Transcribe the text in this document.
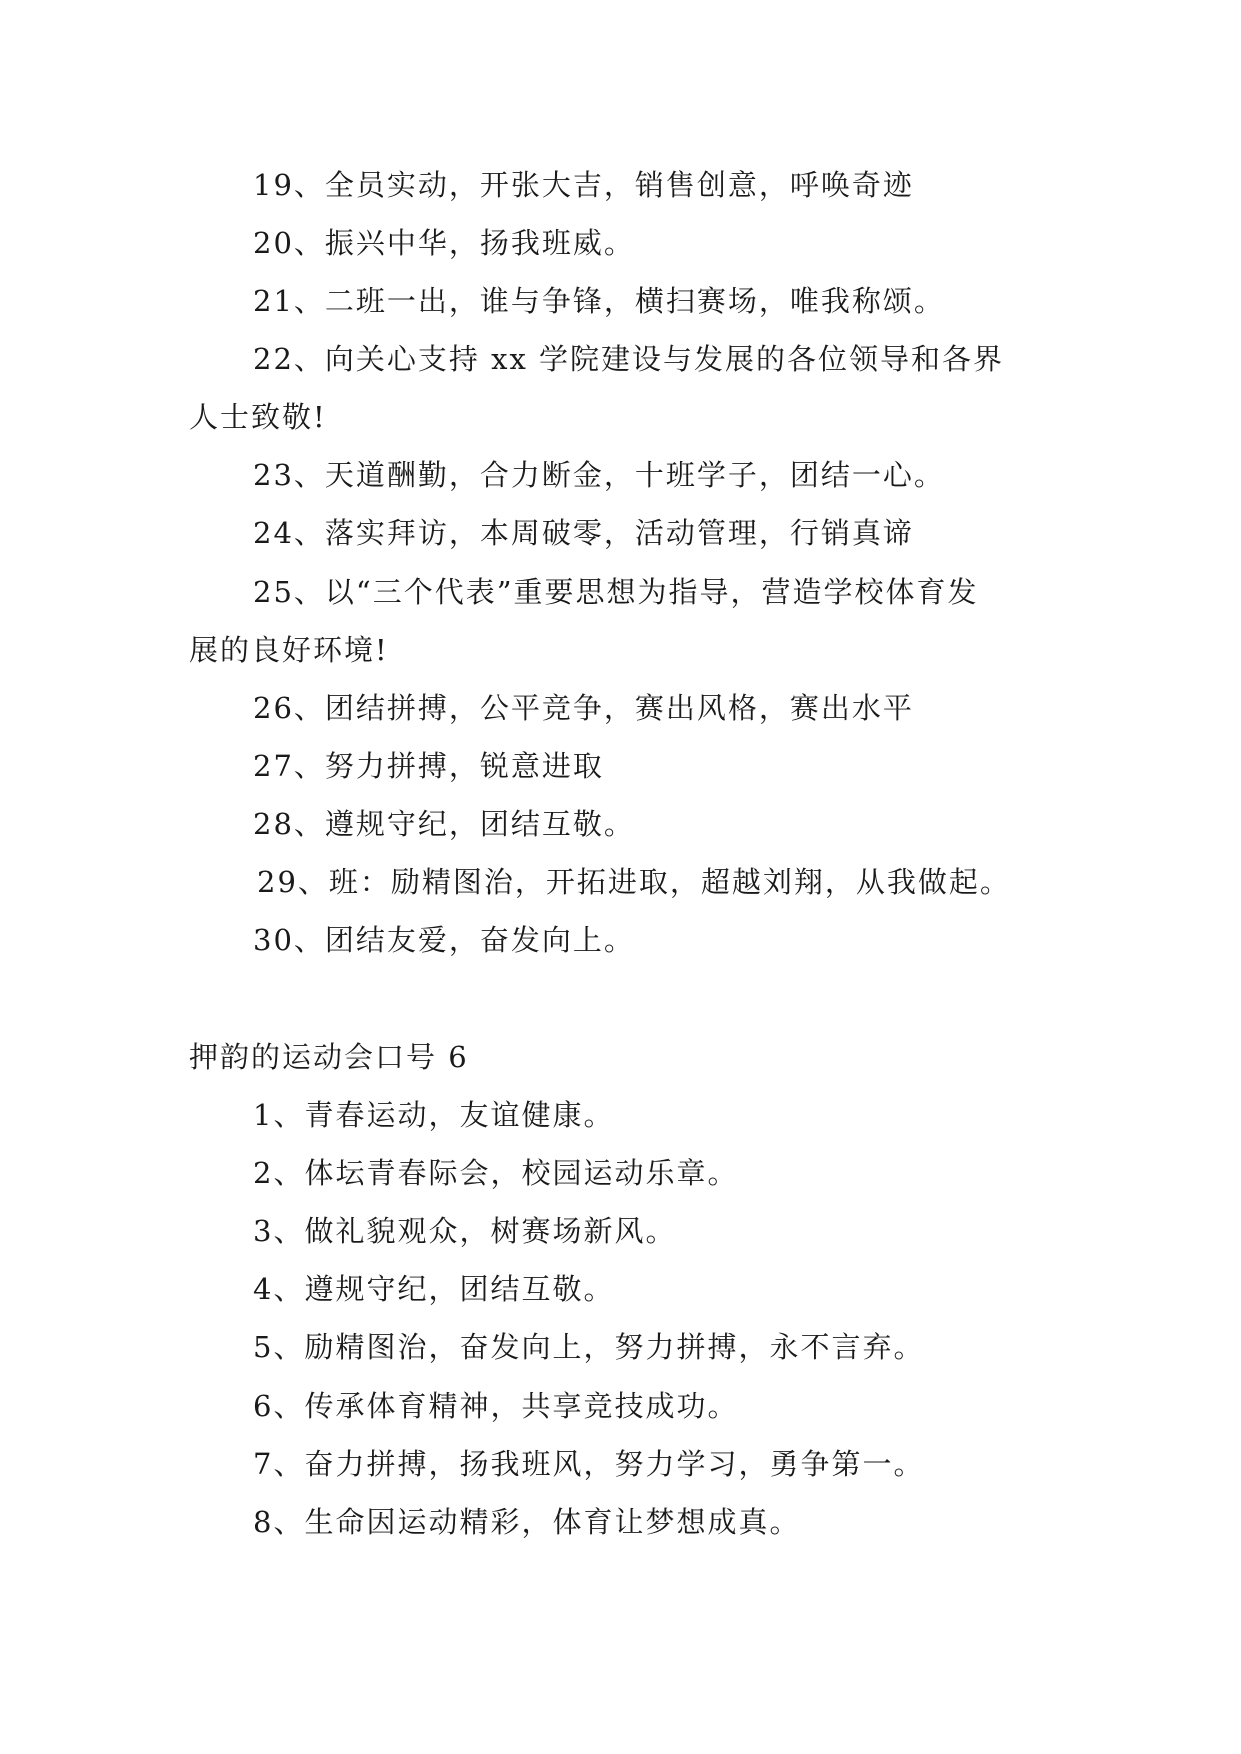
19、全员实动，开张大吉，销售创意，呼唤奇迹
20、振兴中华，扬我班威。
21、二班一出，谁与争锋，横扫赛场，唯我称颂。
22、向关心支持 xx 学院建设与发展的各位领导和各界
人士致敬!
23、天道酬勤，合力断金，十班学子，团结一心。
24、落实拜访，本周破零，活动管理，行销真谛
25、以“三个代表”重要思想为指导，营造学校体育发
展的良好环境!
26、团结拼搏，公平竞争，赛出风格，赛出水平
27、努力拼搏，锐意进取
28、遵规守纪，团结互敬。
29、班：励精图治，开拓进取，超越刘翔，从我做起。
30、团结友爱，奋发向上。
押韵的运动会口号 6
1、青春运动，友谊健康。
2、体坛青春际会，校园运动乐章。
3、做礼貌观众，树赛场新风。
4、遵规守纪，团结互敬。
5、励精图治，奋发向上，努力拼搏，永不言弃。
6、传承体育精神，共享竞技成功。
7、奋力拼搏，扬我班风，努力学习，勇争第一。
8、生命因运动精彩，体育让梦想成真。
